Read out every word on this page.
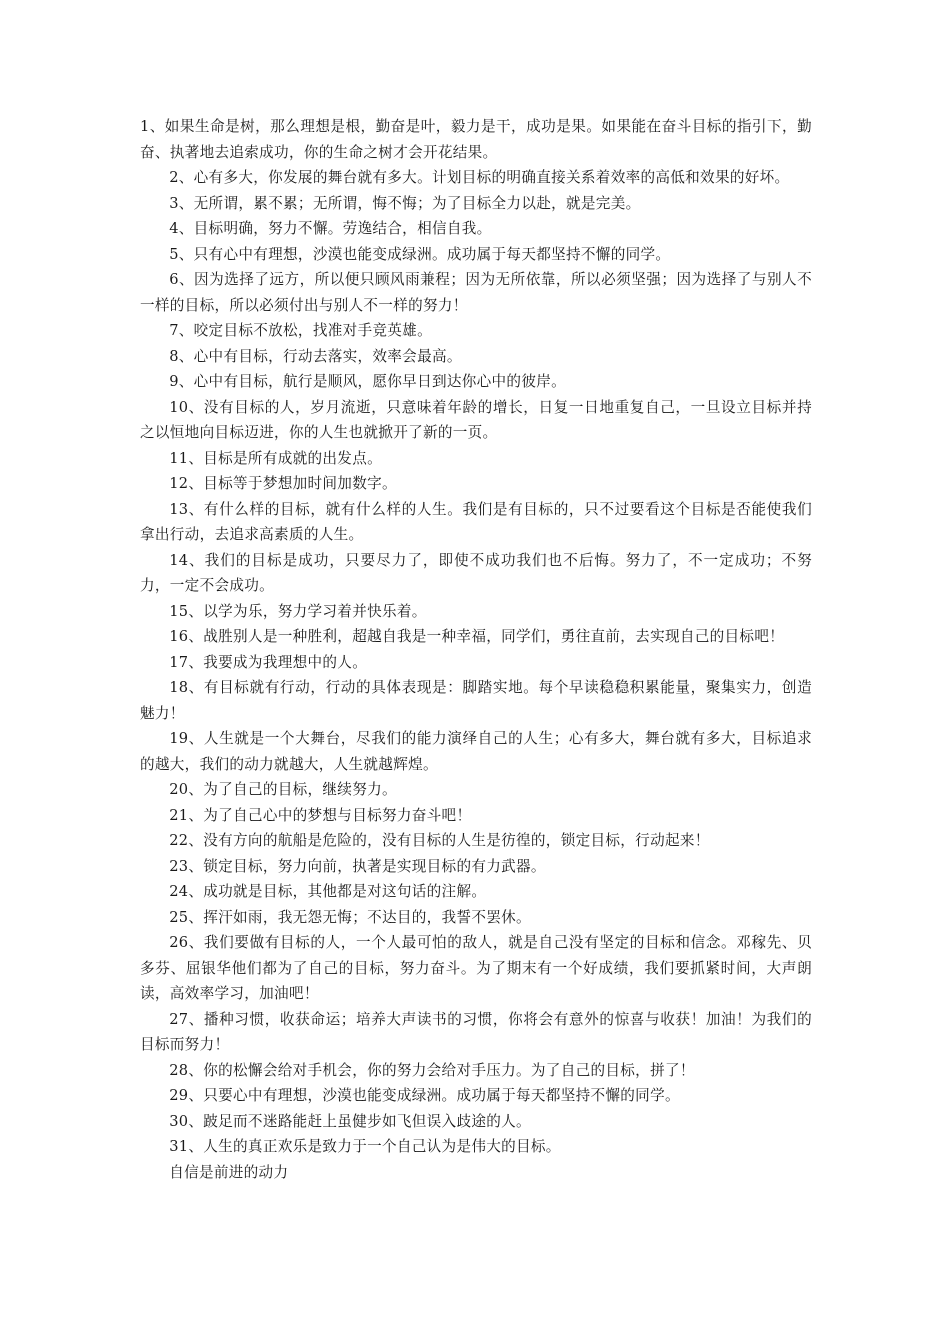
1、如果生命是树，那么理想是根，勤奋是叶，毅力是干，成功是果。如果能在奋斗目标的指引下，勤奋、执著地去追索成功，你的生命之树才会开花结果。

2、心有多大，你发展的舞台就有多大。计划目标的明确直接关系着效率的高低和效果的好坏。

3、无所谓，累不累；无所谓，悔不悔；为了目标全力以赴，就是完美。

4、目标明确，努力不懈。劳逸结合，相信自我。

5、只有心中有理想，沙漠也能变成绿洲。成功属于每天都坚持不懈的同学。

6、因为选择了远方，所以便只顾风雨兼程；因为无所依靠，所以必须坚强；因为选择了与别人不一样的目标，所以必须付出与别人不一样的努力！

7、咬定目标不放松，找准对手竞英雄。

8、心中有目标，行动去落实，效率会最高。

9、心中有目标，航行是顺风，愿你早日到达你心中的彼岸。

10、没有目标的人，岁月流逝，只意味着年龄的增长，日复一日地重复自己，一旦设立目标并持之以恒地向目标迈进，你的人生也就掀开了新的一页。

11、目标是所有成就的出发点。

12、目标等于梦想加时间加数字。

13、有什么样的目标，就有什么样的人生。我们是有目标的，只不过要看这个目标是否能使我们拿出行动，去追求高素质的人生。

14、我们的目标是成功，只要尽力了，即使不成功我们也不后悔。努力了，不一定成功；不努力，一定不会成功。

15、以学为乐，努力学习着并快乐着。

16、战胜别人是一种胜利，超越自我是一种幸福，同学们，勇往直前，去实现自己的目标吧！

17、我要成为我理想中的人。

18、有目标就有行动，行动的具体表现是：脚踏实地。每个早读稳稳积累能量，聚集实力，创造魅力！

19、人生就是一个大舞台，尽我们的能力演绎自己的人生；心有多大，舞台就有多大，目标追求的越大，我们的动力就越大，人生就越辉煌。

20、为了自己的目标，继续努力。

21、为了自己心中的梦想与目标努力奋斗吧！

22、没有方向的航船是危险的，没有目标的人生是彷徨的，锁定目标，行动起来！

23、锁定目标，努力向前，执著是实现目标的有力武器。

24、成功就是目标，其他都是对这句话的注解。

25、挥汗如雨，我无怨无悔；不达目的，我誓不罢休。

26、我们要做有目标的人，一个人最可怕的敌人，就是自己没有坚定的目标和信念。邓稼先、贝多芬、屈银华他们都为了自己的目标，努力奋斗。为了期末有一个好成绩，我们要抓紧时间，大声朗读，高效率学习，加油吧！

27、播种习惯，收获命运；培养大声读书的习惯，你将会有意外的惊喜与收获！加油！为我们的目标而努力！

28、你的松懈会给对手机会，你的努力会给对手压力。为了自己的目标，拼了！

29、只要心中有理想，沙漠也能变成绿洲。成功属于每天都坚持不懈的同学。

30、跛足而不迷路能赶上虽健步如飞但误入歧途的人。

31、人生的真正欢乐是致力于一个自己认为是伟大的目标。

自信是前进的动力
